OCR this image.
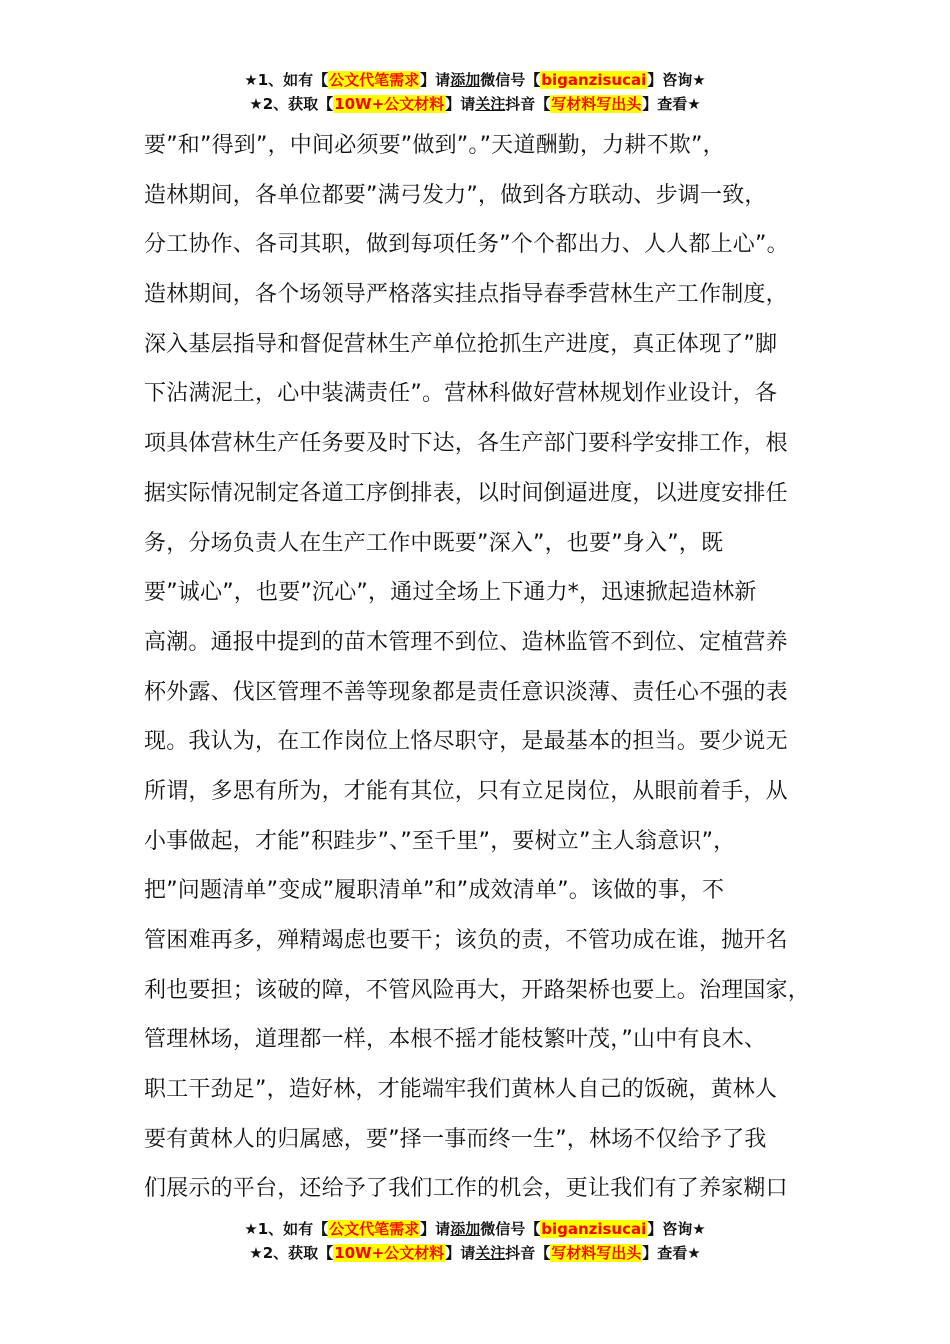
★1、如有【公文代笔需求】请添加微信号【biganzisucai】咨询★
★2、获取【10W+公文材料】请关注抖音【写材料写出头】查看★
要”和”得到”，中间必须要”做到”。”天道酬勤，力耕不欺”，
造林期间，各单位都要”满弓发力”，做到各方联动、步调一致，
分工协作、各司其职，做到每项任务”个个都出力、人人都上心”。
造林期间，各个场领导严格落实挂点指导春季营林生产工作制度，
深入基层指导和督促营林生产单位抢抓生产进度，真正体现了”脚
下沾满泥土，心中装满责任”。营林科做好营林规划作业设计，各
项具体营林生产任务要及时下达，各生产部门要科学安排工作，根
据实际情况制定各道工序倒排表，以时间倒逼进度，以进度安排任
务，分场负责人在生产工作中既要”深入”，也要”身入”，既
要”诚心”，也要”沉心”，通过全场上下通力*，迅速掀起造林新
高潮。通报中提到的苗木管理不到位、造林监管不到位、定植营养
杯外露、伐区管理不善等现象都是责任意识淡薄、责任心不强的表
现。我认为，在工作岗位上恪尽职守，是最基本的担当。要少说无
所谓，多思有所为，才能有其位，只有立足岗位，从眼前着手，从
小事做起，才能”积跬步”、”至千里”，要树立”主人翁意识”，
把”问题清单”变成”履职清单”和”成效清单”。该做的事，不
管困难再多，殚精竭虑也要干；该负的责，不管功成在谁，抛开名
利也要担；该破的障，不管风险再大，开路架桥也要上。治理国家，
管理林场，道理都一样，本根不摇才能枝繁叶茂，”山中有良木、
职工干劲足”，造好林，才能端牢我们黄林人自己的饭碗，黄林人
要有黄林人的归属感，要”择一事而终一生”，林场不仅给予了我
们展示的平台，还给予了我们工作的机会，更让我们有了养家糊口
★1、如有【公文代笔需求】请添加微信号【biganzisucai】咨询★
★2、获取【10W+公文材料】请关注抖音【写材料写出头】查看★
